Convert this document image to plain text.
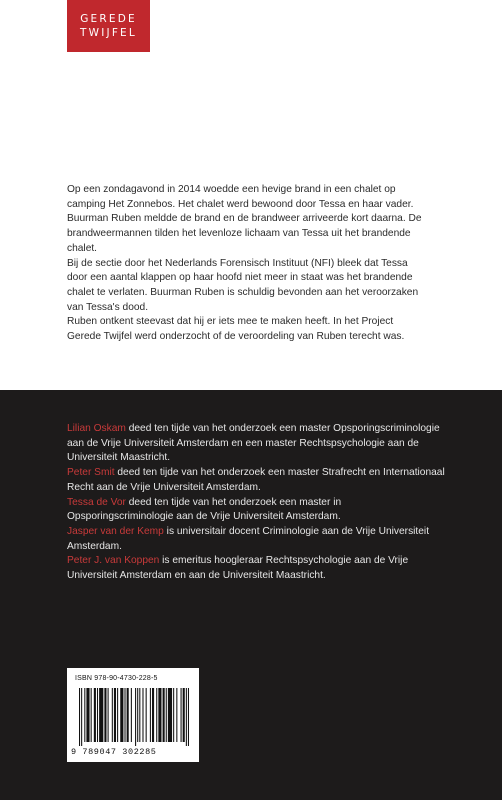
GEREDE
TWIJFEL

Op een zondagavond in 2014 woedde een hevige brand in een chalet op camping Het Zonnebos. Het chalet werd bewoond door Tessa en haar vader. Buurman Ruben meldde de brand en de brandweer arriveerde kort daarna. De brandweermannen tilden het levenloze lichaam van Tessa uit het brandende chalet.

Bij de sectie door het Nederlands Forensisch Instituut (NFI) bleek dat Tessa door een aantal klappen op haar hoofd niet meer in staat was het brandende chalet te verlaten. Buurman Ruben is schuldig bevonden aan het veroorzaken van Tessa's dood.

Ruben ontkent steevast dat hij er iets mee te maken heeft. In het Project Gerede Twijfel werd onderzocht of de veroordeling van Ruben terecht was.

Lilian Oskam deed ten tijde van het onderzoek een master Opsporingscriminologie aan de Vrije Universiteit Amsterdam en een master Rechtspsychologie aan de Universiteit Maastricht.

Peter Smit deed ten tijde van het onderzoek een master Strafrecht en Internationaal Recht aan de Vrije Universiteit Amsterdam.

Tessa de Vor deed ten tijde van het onderzoek een master in Opsporingscriminologie aan de Vrije Universiteit Amsterdam.

Jasper van der Kemp is universitair docent Criminologie aan de Vrije Universiteit Amsterdam.

Peter J. van Koppen is emeritus hoogleraar Rechtspsychologie aan de Vrije Universiteit Amsterdam en aan de Universiteit Maastricht.

ISBN 978-90-4730-228-5
9 789047 302285
